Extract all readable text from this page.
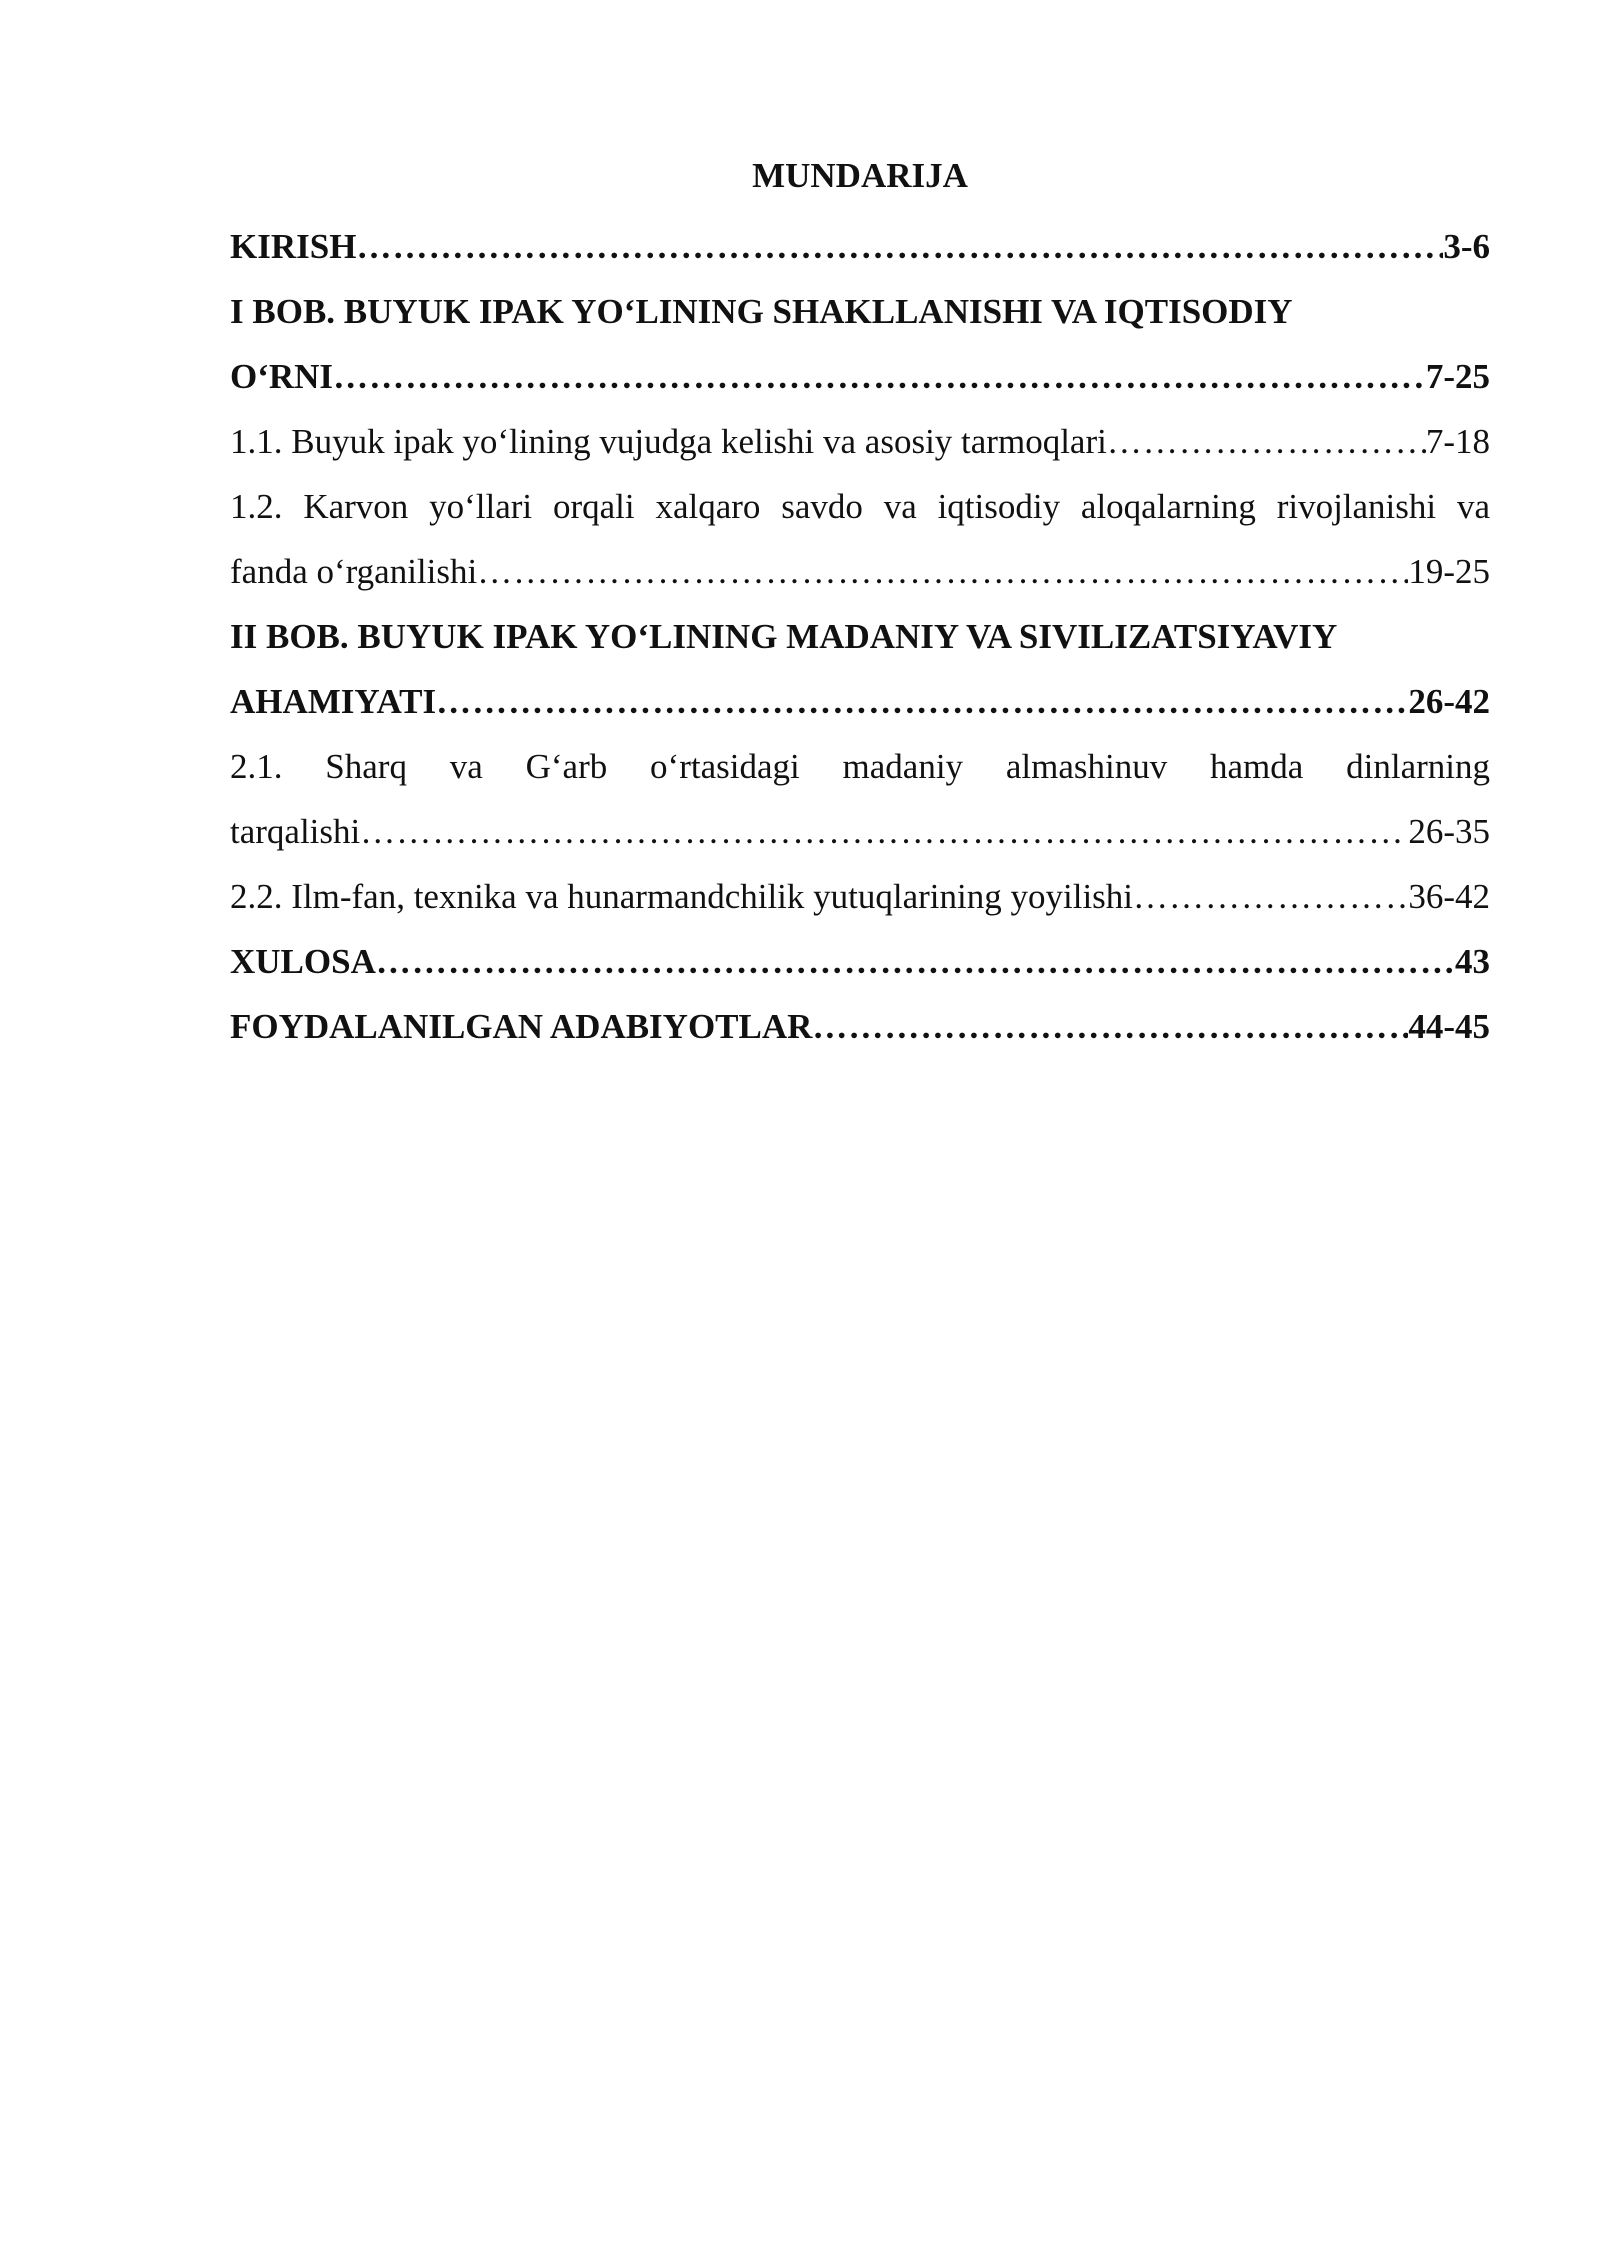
MUNDARIJA
KIRISH ……………………………………………………………………………………………………………………………………………………………………	3-6
I BOB. BUYUK IPAK YO‘LINING SHAKLLANISHI VA IQTISODIY
O‘RNI ……………………………………………………………………………………………………………………………………………………………………	7-25
1.1. Buyuk ipak yo‘lining vujudga kelishi va asosiy tarmoqlari ……………………………………………………………………………………………………………………………………………………………………	7-18
1.2. Karvon yo‘llari orqali xalqaro savdo va iqtisodiy aloqalarning rivojlanishi va
fanda o‘rganilishi ……………………………………………………………………………………………………………………………………………………………………	19-25
II BOB. BUYUK IPAK YO‘LINING MADANIY VA SIVILIZATSIYAVIY
AHAMIYATI ……………………………………………………………………………………………………………………………………………………………………	26-42
2.1. Sharq va G‘arb o‘rtasidagi madaniy almashinuv hamda dinlarning
tarqalishi ……………………………………………………………………………………………………………………………………………………………………	26-35
2.2. Ilm-fan, texnika va hunarmandchilik yutuqlarining yoyilishi ……………………………………………………………………………………………………………………………………………………………………	36-42
XULOSA ……………………………………………………………………………………………………………………………………………………………………	43
FOYDALANILGAN ADABIYOTLAR ……………………………………………………………………………………………………………………………………………………………………	44-45
